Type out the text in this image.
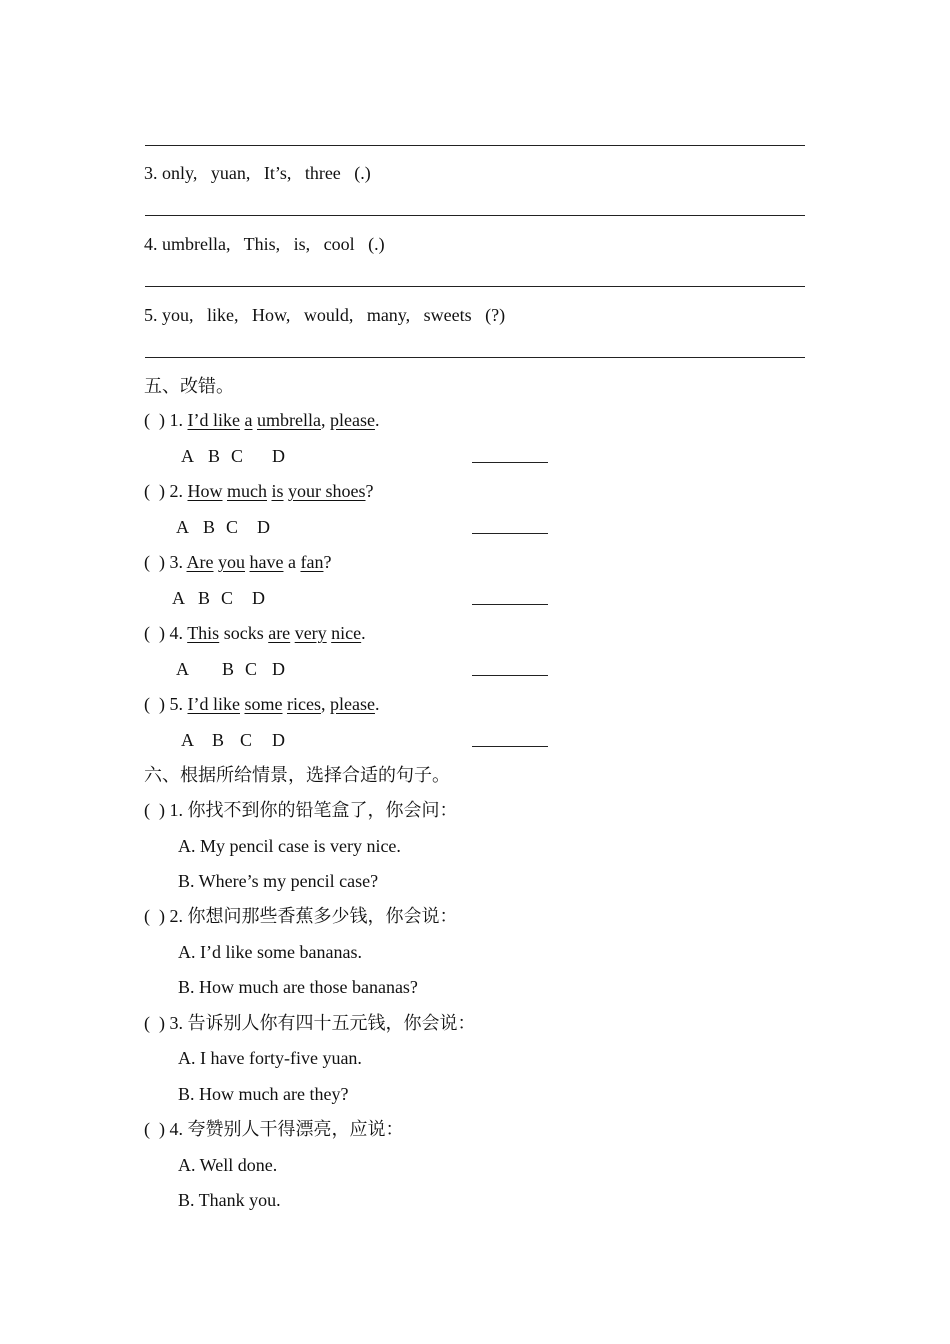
3. only,   yuan,   It’s,   three   (.)
4. umbrella,   This,   is,   cool   (.)
5. you,   like,   How,   would,   many,   sweets   (?)
五、改错。
(  ) 1. I’d like a umbrella, please.
A B C D
(  ) 2. How much is your shoes?
A B C D
(  ) 3. Are you have a fan?
A B C D
(  ) 4. This socks are very nice.
A B C D
(  ) 5. I’d like some rices, please.
A B C D
六、根据所给情景，选择合适的句子。
(  ) 1. 你找不到你的铅笔盒了，你会问：
A. My pencil case is very nice.
B. Where’s my pencil case?
(  ) 2. 你想问那些香蕉多少钱，你会说：
A. I’d like some bananas.
B. How much are those bananas?
(  ) 3. 告诉别人你有四十五元钱，你会说：
A. I have forty-five yuan.
B. How much are they?
(  ) 4. 夸赞别人干得漂亮，应说：
A. Well done.
B. Thank you.
